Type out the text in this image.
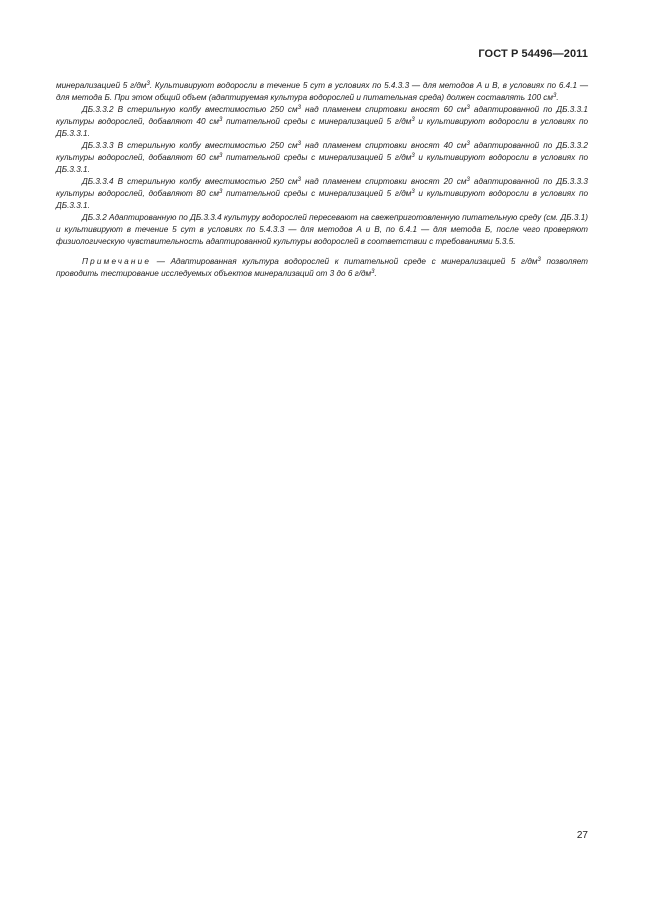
ГОСТ Р 54496—2011

минерализацией 5 $г/дм^3$. Культивируют водоросли в течение 5 сут в условиях по 5.4.3.3 — для методов А и В, в условиях по 6.4.1 — для метода Б. При этом общий объем (адаптируемая культура водорослей и питательная среда) должен составлять 100 $см^3$.

ДБ.3.3.2 В стерильную колбу вместимостью 250 $см^3$ над пламенем спиртовки вносят 60 $см^3$ адаптированной по ДБ.3.3.1 культуры водорослей, добавляют 40 $см^3$ питательной среды с минерализацией 5 $г/дм^3$ и культивируют водоросли в условиях по ДБ.3.3.1.

ДБ.3.3.3 В стерильную колбу вместимостью 250 $см^3$ над пламенем спиртовки вносят 40 $см^3$ адаптированной по ДБ.3.3.2 культуры водорослей, добавляют 60 $см^3$ питательной среды с минерализацией 5 $г/дм^3$ и культивируют водоросли в условиях по ДБ.3.3.1.

ДБ.3.3.4 В стерильную колбу вместимостью 250 $см^3$ над пламенем спиртовки вносят 20 $см^3$ адаптированной по ДБ.3.3.3 культуры водорослей, добавляют 80 $см^3$ питательной среды с минерализацией 5 $г/дм^3$ и культивируют водоросли в условиях по ДБ.3.3.1.

ДБ.3.2 Адаптированную по ДБ.3.3.4 культуру водорослей пересевают на свежеприготовленную питательную среду (см. ДБ.3.1) и культивируют в течение 5 сут в условиях по 5.4.3.3 — для методов А и В, по 6.4.1 — для метода Б, после чего проверяют физиологическую чувствительность адаптированной культуры водорослей в соответствии с требованиями 5.3.5.

Примечание — Адаптированная культура водорослей к питательной среде с минерализацией 5 $г/дм^3$ позволяет проводить тестирование исследуемых объектов минерализаций от 3 до 6 $г/дм^3$.

27
